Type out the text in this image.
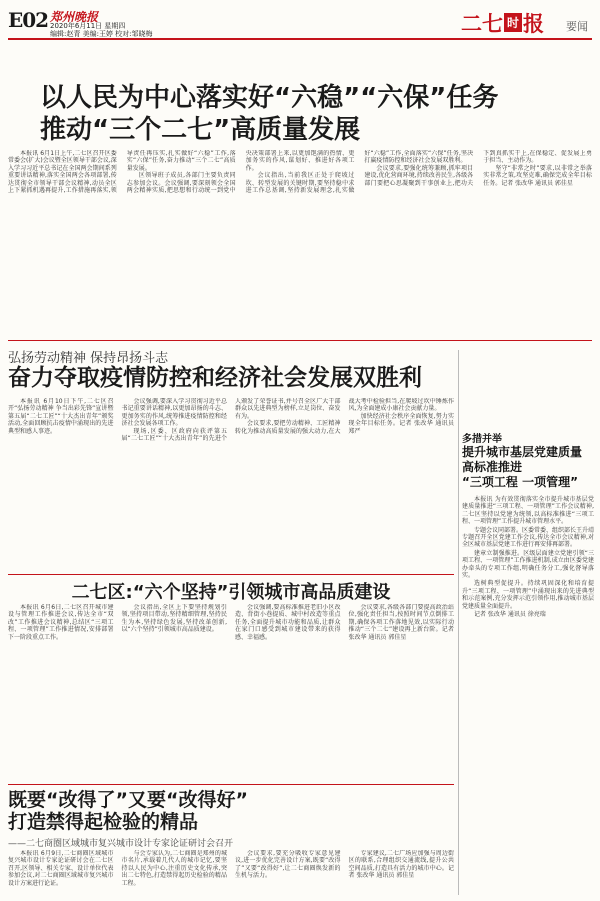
E02 郑州晚报
2020年6月11日 星期四
编辑:赵青 美编:王婷 校对:邹晓梅	二七 时 报 要闻
以人民为中心落实好“六稳”“六保”任务
推动“三个二七”高质量发展

本报讯 6月1日上午,二七区召开区委常委会(扩大)会议暨全区领导干部会议,深入学习习近平总书记在全国两会期间系列重要讲话精神,落实全国两会各项部署,传达贯彻全市领导干部会议精神,动员全区上下紧抓机遇再提升,工作措施再落实,领导责任再压实,扎实做好“六稳”工作,落实“六保”任务,奋力推动“三个二七”高质量发展。

区领导班子成员,各部门主要负责同志参加会议。会议强调,要深刻领会全国两会精神实质,把思想和行动统一到党中央决策部署上来,以更加饱满的热情、更加务实的作风,谋划好、推进好各项工作。

会议指出,当前我区正处于爬坡过坎、转型发展的关键时期,要坚持稳中求进工作总基调,坚持新发展理念,扎实做好“六稳”工作,全面落实“六保”任务,坚决打赢疫情防控和经济社会发展双胜利。

会议要求,要强化统筹兼顾,抓牢项目建设,优化营商环境,持续改善民生,各级各部门要把心思凝聚到干事创业上,把功夫下到真抓实干上,在保稳定、促发展上勇于担当、主动作为。

坚守“非常之时”要求,以非常之举落实非常之策,攻坚克难,确保完成全年目标任务。记者 张改华 通讯员 郭佳星

弘扬劳动精神 保持昂扬斗志
奋力夺取疫情防控和经济社会发展双胜利

本报讯 6月10日下午,二七区召开“弘扬劳动精神 争当出彩先锋”宣讲暨第五届“二七工匠”“十大杰出青年”颁奖活动,全面回顾抗击疫情中涌现出的先进典型和感人事迹。

会议强调,要深入学习贯彻习近平总书记重要讲话精神,以更加昂扬的斗志、更加务实的作风,统筹推进疫情防控和经济社会发展各项工作。

现场,区委、区政府向获评第五届“二七工匠”“十大杰出青年”的先进个人颁发了荣誉证书,并号召全区广大干部群众以先进典型为榜样,立足岗位、奋发有为。

会议要求,要把劳动精神、工匠精神转化为推动高质量发展的强大动力,在大战大考中检验担当,在爬坡过坎中锤炼作风,为全面建成小康社会贡献力量。

加快经济社会秩序全面恢复,努力实现全年目标任务。记者 张改华 通讯员 郑严

二七区:“六个坚持”引领城市高品质建设

本报讯 6月6日,二七区召开城市建设与管理工作推进会议,传达全市“双改”工作推进会议精神,总结区“三项工程、一项管理”工作推进情况,安排部署下一阶段重点工作。

会议指出,全区上下要坚持规划引领,坚持项目带动,坚持精细管理,坚持民生为本,坚持绿色发展,坚持改革创新,以“六个坚持”引领城市高品质建设。

会议强调,要高标准推进老旧小区改造、背街小巷提质、城中村改造等重点任务,全面提升城市功能和品质,让群众在家门口感受到城市建设带来的获得感、幸福感。

会议要求,各级各部门要提高政治站位,强化责任担当,按照时间节点倒排工期,确保各项工作落地见效,以实际行动推动“三个二七”建设再上新台阶。记者 张改华 通讯员 郭佳星

既要“改得了”又要“改得好”
打造禁得起检验的精品
——二七商圈区域城市复兴城市设计专家论证研讨会召开

本报讯 6月9日,二七商圈区域城市复兴城市设计专家论证研讨会在二七区召开,区领导、相关专家、设计单位代表参加会议,对二七商圈区域城市复兴城市设计方案进行论证。

与会专家认为,二七商圈是郑州的城市名片,承载着几代人的城市记忆,要坚持以人民为中心,注重历史文化传承,突出二七特色,打造禁得起历史检验的精品工程。

会议要求,要充分吸收专家意见建议,进一步优化完善设计方案,既要“改得了”又要“改得好”,让二七商圈焕发新的生机与活力。

专家建议,二七广场应加强与周边街区的联系,合理组织交通流线,提升公共空间品质,打造具有活力的城市中心。记者 张改华 通讯员 郭佳星

多措并举
提升城市基层党建质量
高标准推进
“三项工程 一项管理”

本报讯 为有效贯彻落实全市提升城市基层党建质量推进“三项工程、一项管理”工作会议精神,二七区坚持以党建为统领,以高标准推进“三项工程、一项管理”工作提升城市管理水平。

专题会议同部署。区委常委、组织部长王升靖专题召开全区党建工作会议,传达全市会议精神,对全区城市基层党建工作进行再安排再部署。

建章立制强推进。区级层面建立党建引领“三项工程、一项管理”工作推进机制,成立由区委党建办牵头的专项工作组,明确任务分工,强化督导落实。

选树典型促提升。持续巩固深化和培育提升“三项工程、一项管理”中涌现出来的先进典型和示范案例,充分发挥示范引领作用,推动城市基层党建质量全面提升。

记者 张改华 通讯员 徐亮瑞
